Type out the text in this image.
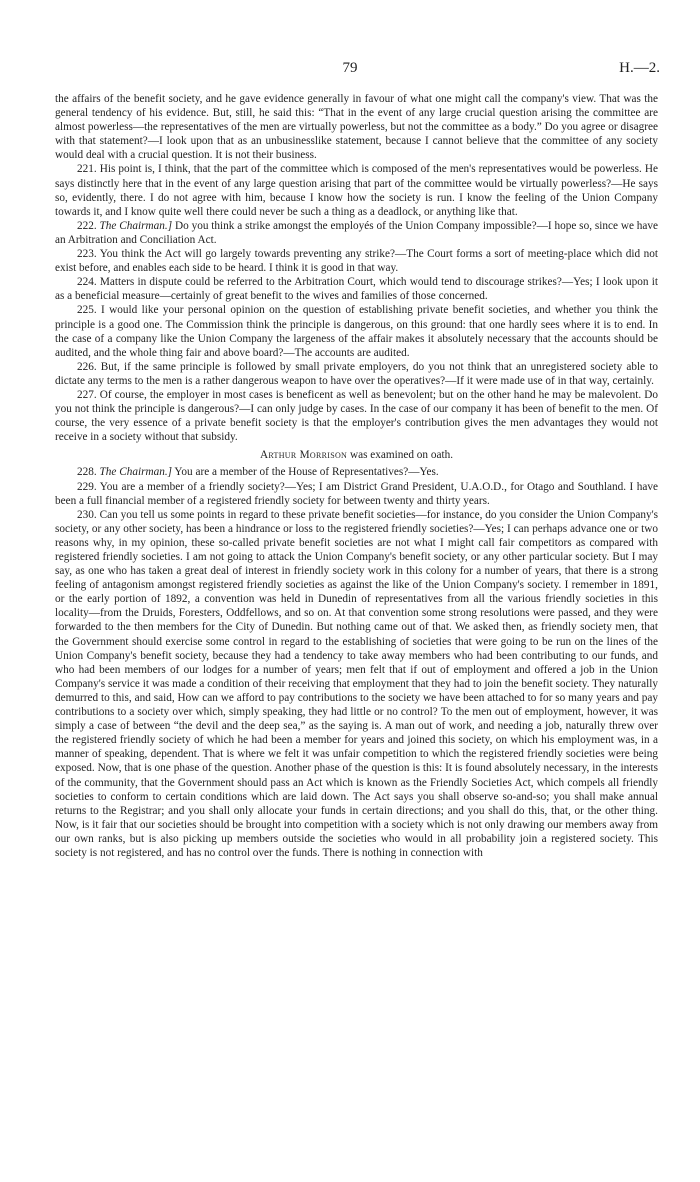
79	H.—2.

the affairs of the benefit society, and he gave evidence generally in favour of what one might call the company's view. That was the general tendency of his evidence. But, still, he said this: “That in the event of any large crucial question arising the committee are almost powerless—the representatives of the men are virtually powerless, but not the committee as a body.” Do you agree or disagree with that statement?—I look upon that as an unbusinesslike statement, because I cannot believe that the committee of any society would deal with a crucial question. It is not their business.

221. His point is, I think, that the part of the committee which is composed of the men's representatives would be powerless. He says distinctly here that in the event of any large question arising that part of the committee would be virtually powerless?—He says so, evidently, there. I do not agree with him, because I know how the society is run. I know the feeling of the Union Company towards it, and I know quite well there could never be such a thing as a deadlock, or anything like that.

222. The Chairman.] Do you think a strike amongst the employés of the Union Company impossible?—I hope so, since we have an Arbitration and Conciliation Act.

223. You think the Act will go largely towards preventing any strike?—The Court forms a sort of meeting-place which did not exist before, and enables each side to be heard. I think it is good in that way.

224. Matters in dispute could be referred to the Arbitration Court, which would tend to discourage strikes?—Yes; I look upon it as a beneficial measure—certainly of great benefit to the wives and families of those concerned.

225. I would like your personal opinion on the question of establishing private benefit societies, and whether you think the principle is a good one. The Commission think the principle is dangerous, on this ground: that one hardly sees where it is to end. In the case of a company like the Union Company the largeness of the affair makes it absolutely necessary that the accounts should be audited, and the whole thing fair and above board?—The accounts are audited.

226. But, if the same principle is followed by small private employers, do you not think that an unregistered society able to dictate any terms to the men is a rather dangerous weapon to have over the operatives?—If it were made use of in that way, certainly.

227. Of course, the employer in most cases is beneficent as well as benevolent; but on the other hand he may be malevolent. Do you not think the principle is dangerous?—I can only judge by cases. In the case of our company it has been of benefit to the men. Of course, the very essence of a private benefit society is that the employer's contribution gives the men advantages they would not receive in a society without that subsidy.

Arthur Morrison was examined on oath.

228. The Chairman.] You are a member of the House of Representatives?—Yes.

229. You are a member of a friendly society?—Yes; I am District Grand President, U.A.O.D., for Otago and Southland. I have been a full financial member of a registered friendly society for between twenty and thirty years.

230. Can you tell us some points in regard to these private benefit societies—for instance, do you consider the Union Company's society, or any other society, has been a hindrance or loss to the registered friendly societies?—Yes; I can perhaps advance one or two reasons why, in my opinion, these so-called private benefit societies are not what I might call fair competitors as compared with registered friendly societies. I am not going to attack the Union Company's benefit society, or any other particular society. But I may say, as one who has taken a great deal of interest in friendly society work in this colony for a number of years, that there is a strong feeling of antagonism amongst registered friendly societies as against the like of the Union Company's society. I remember in 1891, or the early portion of 1892, a convention was held in Dunedin of representatives from all the various friendly societies in this locality—from the Druids, Foresters, Oddfellows, and so on. At that convention some strong resolutions were passed, and they were forwarded to the then members for the City of Dunedin. But nothing came out of that. We asked then, as friendly society men, that the Government should exercise some control in regard to the establishing of societies that were going to be run on the lines of the Union Company's benefit society, because they had a tendency to take away members who had been contributing to our funds, and who had been members of our lodges for a number of years; men felt that if out of employment and offered a job in the Union Company's service it was made a condition of their receiving that employment that they had to join the benefit society. They naturally demurred to this, and said, How can we afford to pay contributions to the society we have been attached to for so many years and pay contributions to a society over which, simply speaking, they had little or no control? To the men out of employment, however, it was simply a case of between “the devil and the deep sea,” as the saying is. A man out of work, and needing a job, naturally threw over the registered friendly society of which he had been a member for years and joined this society, on which his employment was, in a manner of speaking, dependent. That is where we felt it was unfair competition to which the registered friendly societies were being exposed. Now, that is one phase of the question. Another phase of the question is this: It is found absolutely necessary, in the interests of the community, that the Government should pass an Act which is known as the Friendly Societies Act, which compels all friendly societies to conform to certain conditions which are laid down. The Act says you shall observe so-and-so; you shall make annual returns to the Registrar; and you shall only allocate your funds in certain directions; and you shall do this, that, or the other thing. Now, is it fair that our societies should be brought into competition with a society which is not only drawing our members away from our own ranks, but is also picking up members outside the societies who would in all probability join a registered society. This society is not registered, and has no control over the funds. There is nothing in connection with
